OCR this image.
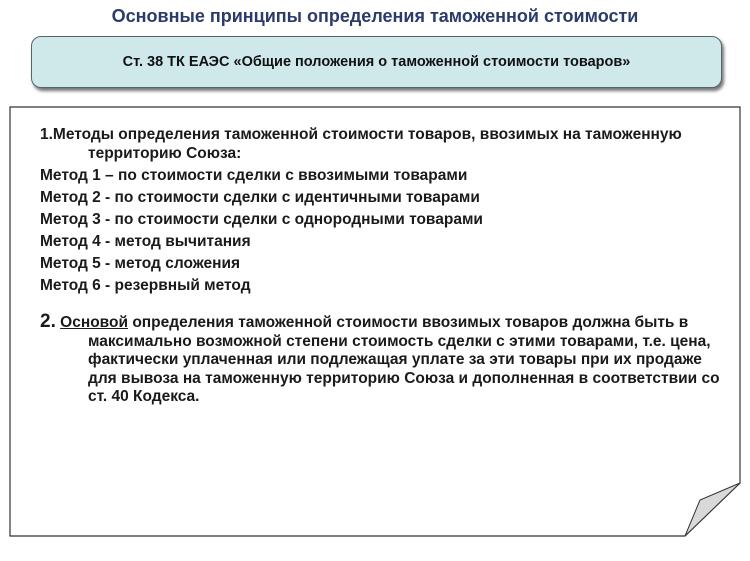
Основные принципы определения таможенной стоимости
Ст. 38 ТК ЕАЭС «Общие положения о таможенной стоимости товаров»
1.Методы определения таможенной стоимости товаров, ввозимых на таможенную территорию Союза:
Метод 1 – по стоимости сделки с ввозимыми товарами
Метод 2 - по стоимости сделки с идентичными товарами
Метод 3 - по стоимости сделки с однородными товарами
Метод 4 - метод вычитания
Метод 5 - метод сложения
Метод 6 - резервный метод
2. Основой определения таможенной стоимости ввозимых товаров должна быть в максимально возможной степени стоимость сделки с этими товарами, т.е. цена, фактически уплаченная или подлежащая уплате за эти товары при их продаже для вывоза на таможенную территорию Союза и дополненная в соответствии со ст. 40 Кодекса.
